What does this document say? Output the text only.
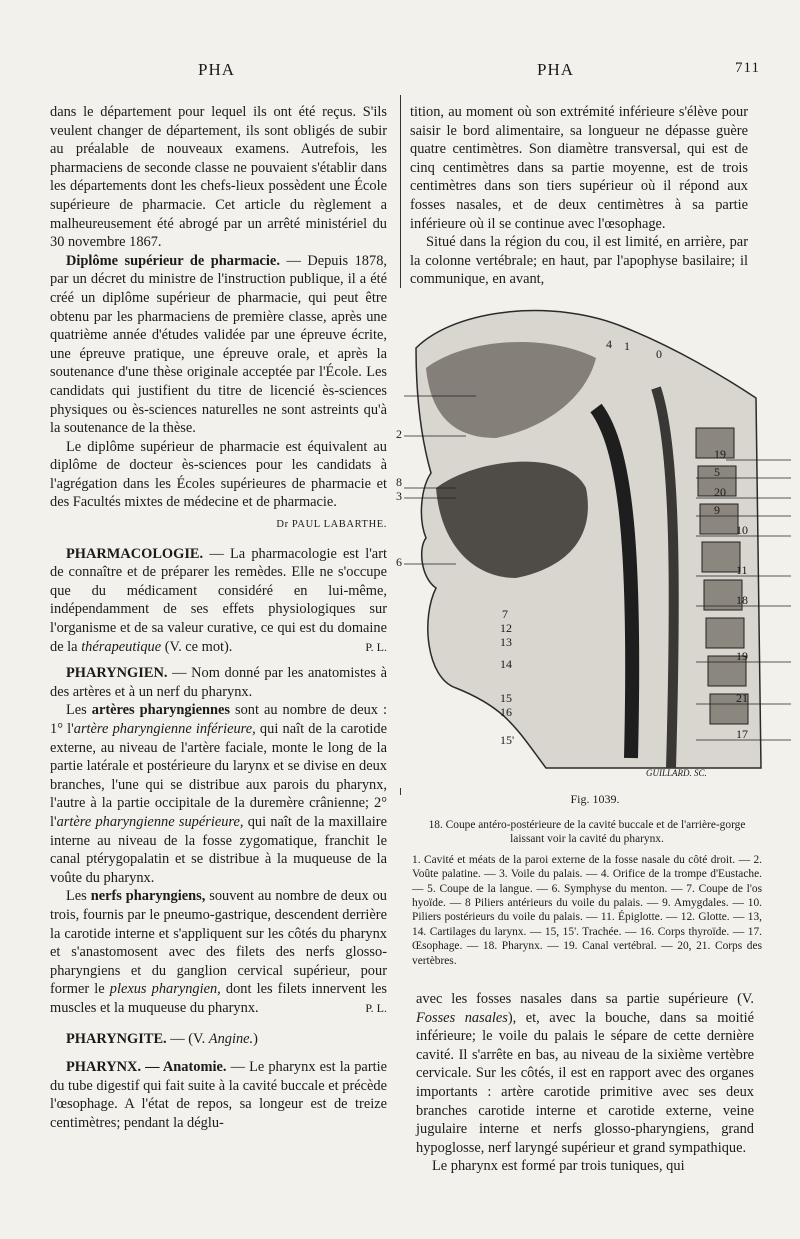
PHA	PHA	711

dans le département pour lequel ils ont été reçus. S'ils veulent changer de département, ils sont obligés de subir au préalable de nouveaux examens. Autrefois, les pharmaciens de seconde classe ne pouvaient s'établir dans les départements dont les chefs-lieux possèdent une École supérieure de pharmacie. Cet article du règlement a malheureusement été abrogé par un arrêté ministériel du 30 novembre 1867.

Diplôme supérieur de pharmacie. — Depuis 1878, par un décret du ministre de l'instruction publique, il a été créé un diplôme supérieur de pharmacie, qui peut être obtenu par les pharmaciens de première classe, après une quatrième année d'études validée par une épreuve écrite, une épreuve pratique, une épreuve orale, et après la soutenance d'une thèse originale acceptée par l'École. Les candidats qui justifient du titre de licencié ès-sciences physiques ou ès-sciences naturelles ne sont astreints qu'à la soutenance de la thèse.

Le diplôme supérieur de pharmacie est équivalent au diplôme de docteur ès-sciences pour les candidats à l'agrégation dans les Écoles supérieures de pharmacie et des Facultés mixtes de médecine et de pharmacie.

Dr PAUL LABARTHE.

PHARMACOLOGIE. — La pharmacologie est l'art de connaître et de préparer les remèdes. Elle ne s'occupe que du médicament considéré en lui-même, indépendamment de ses effets physiologiques sur l'organisme et de sa valeur curative, ce qui est du domaine de la thérapeutique (V. ce mot).	P. L.

PHARYNGIEN. — Nom donné par les anatomistes à des artères et à un nerf du pharynx.

Les artères pharyngiennes sont au nombre de deux : 1° l'artère pharyngienne inférieure, qui naît de la carotide externe, au niveau de l'artère faciale, monte le long de la partie latérale et postérieure du larynx et se divise en deux branches, l'une qui se distribue aux parois du pharynx, l'autre à la partie occipitale de la duremère crânienne; 2° l'artère pharyngienne supérieure, qui naît de la maxillaire interne au niveau de la fosse zygomatique, franchit le canal ptérygopalatin et se distribue à la muqueuse de la voûte du pharynx.

Les nerfs pharyngiens, souvent au nombre de deux ou trois, fournis par le pneumo-gastrique, descendent derrière la carotide interne et s'appliquent sur les côtés du pharynx et s'anastomosent avec des filets des nerfs glosso-pharyngiens et du ganglion cervical supérieur, pour former le plexus pharyngien, dont les filets innervent les muscles et la muqueuse du pharynx.	P. L.

PHARYNGITE. — (V. Angine.)

PHARYNX. — Anatomie. — Le pharynx est la partie du tube digestif qui fait suite à la cavité buccale et précède l'œsophage. A l'état de repos, sa longeur est de treize centimètres; pendant la déglu-

tition, au moment où son extrémité inférieure s'élève pour saisir le bord alimentaire, sa longueur ne dépasse guère quatre centimètres. Son diamètre transversal, qui est de cinq centimètres dans sa partie moyenne, est de trois centimètres dans son tiers supérieur où il répond aux fosses nasales, et de deux centimètres à sa partie inférieure où il se continue avec l'œsophage.

Situé dans la région du cou, il est limité, en arrière, par la colonne vertébrale; en haut, par l'apophyse basilaire; il communique, en avant,

4
2
8
3
6
7
12
13
14
15
16
15'
1
0
19
5
20
9
10
11
18
19
21
17
GUILLARD. SC.
Fig. 1039.

18. Coupe antéro-postérieure de la cavité buccale et de l'arrière-gorge laissant voir la cavité du pharynx.

1. Cavité et méats de la paroi externe de la fosse nasale du côté droit. — 2. Voûte palatine. — 3. Voile du palais. — 4. Orifice de la trompe d'Eustache. — 5. Coupe de la langue. — 6. Symphyse du menton. — 7. Coupe de l'os hyoïde. — 8 Piliers antérieurs du voile du palais. — 9. Amygdales. — 10. Piliers postérieurs du voile du palais. — 11. Épiglotte. — 12. Glotte. — 13, 14. Cartilages du larynx. — 15, 15'. Trachée. — 16. Corps thyroïde. — 17. Œsophage. — 18. Pharynx. — 19. Canal vertébral. — 20, 21. Corps des vertèbres.

avec les fosses nasales dans sa partie supérieure (V. Fosses nasales), et, avec la bouche, dans sa moitié inférieure; le voile du palais le sépare de cette dernière cavité. Il s'arrête en bas, au niveau de la sixième vertèbre cervicale. Sur les côtés, il est en rapport avec des organes importants : artère carotide primitive avec ses deux branches carotide interne et carotide externe, veine jugulaire interne et nerfs glosso-pharyngiens, grand hypoglosse, nerf laryngé supérieur et grand sympathique.

Le pharynx est formé par trois tuniques, qui
